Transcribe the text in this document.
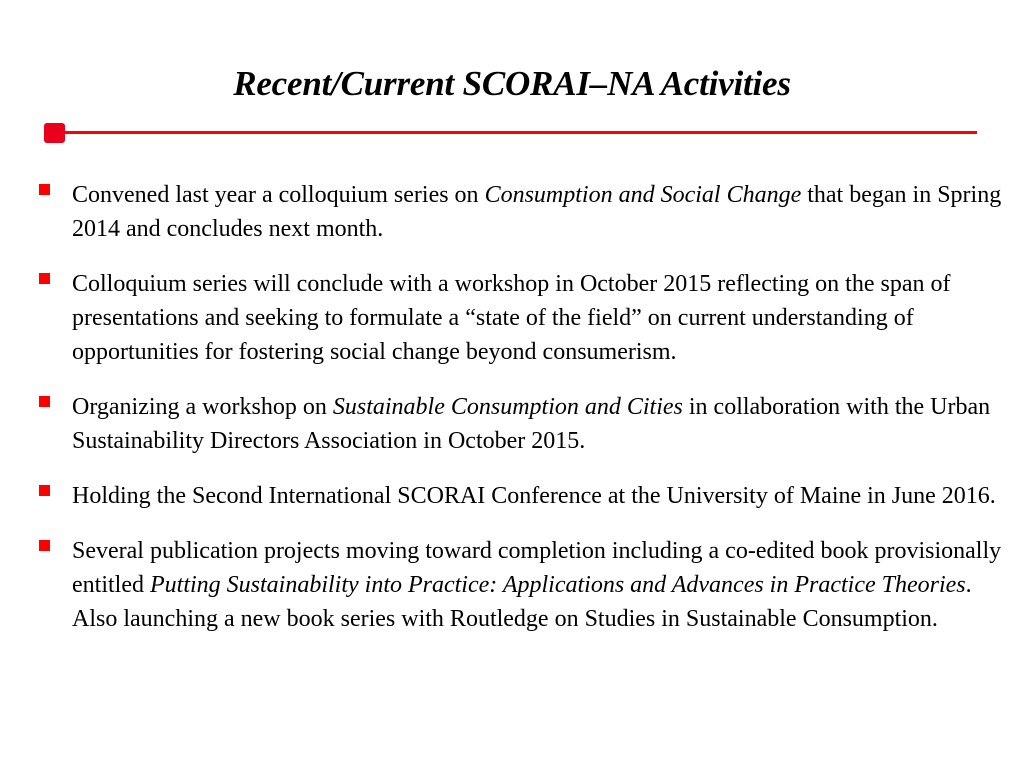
Recent/Current SCORAI–NA Activities
Convened last year a colloquium series on Consumption and Social Change that began in Spring 2014 and concludes next month.
Colloquium series will conclude with a workshop in October 2015 reflecting on the span of presentations and seeking to formulate a “state of the field” on current understanding of opportunities for fostering social change beyond consumerism.
Organizing a workshop on Sustainable Consumption and Cities in collaboration with the Urban Sustainability Directors Association in October 2015.
Holding the Second International SCORAI Conference at the University of Maine in June 2016.
Several publication projects moving toward completion including a co-edited book provisionally entitled Putting Sustainability into Practice: Applications and Advances in Practice Theories. Also launching a new book series with Routledge on Studies in Sustainable Consumption.
